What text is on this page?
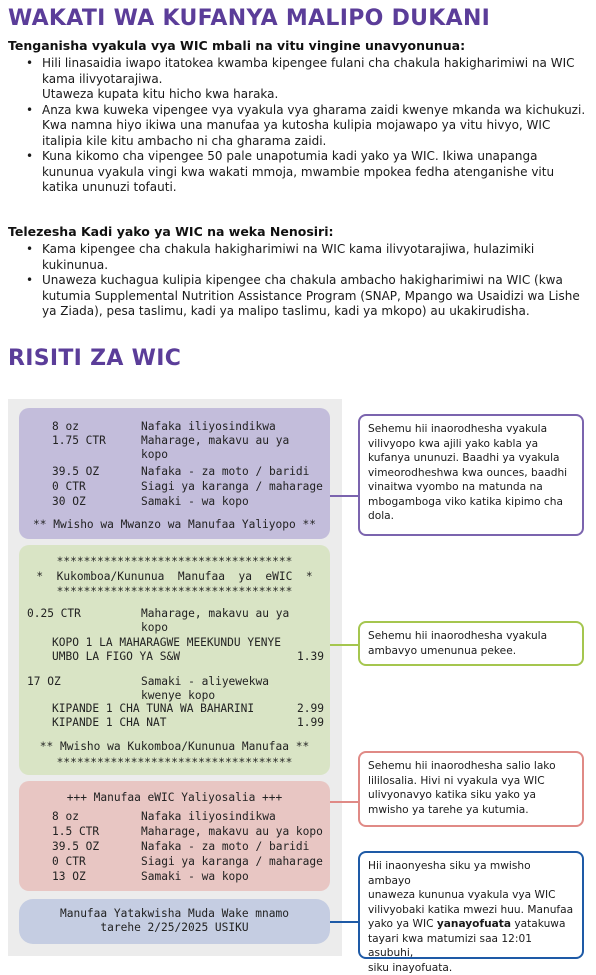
WAKATI WA KUFANYA MALIPO DUKANI
Tenganisha vyakula vya WIC mbali na vitu vingine unavyonunua:
• Hili linasaidia iwapo itatokea kwamba kipengee fulani cha chakula hakigharimiwi na WIC
kama ilivyotarajiwa.
Utaweza kupata kitu hicho kwa haraka.
• Anza kwa kuweka vipengee vya vyakula vya gharama zaidi kwenye mkanda wa kichukuzi.
Kwa namna hiyo ikiwa una manufaa ya kutosha kulipia mojawapo ya vitu hivyo, WIC
italipia kile kitu ambacho ni cha gharama zaidi.
• Kuna kikomo cha vipengee 50 pale unapotumia kadi yako ya WIC. Ikiwa unapanga
kununua vyakula vingi kwa wakati mmoja, mwambie mpokea fedha atenganishe vitu
katika ununuzi tofauti.
Telezesha Kadi yako ya WIC na weka Nenosiri:
• Kama kipengee cha chakula hakigharimiwi na WIC kama ilivyotarajiwa, hulazimiki
kukinunua.
• Unaweza kuchagua kulipia kipengee cha chakula ambacho hakigharimiwi na WIC (kwa
kutumia Supplemental Nutrition Assistance Program (SNAP, Mpango wa Usaidizi wa Lishe
ya Ziada), pesa taslimu, kadi ya malipo taslimu, kadi ya mkopo) au ukakirudisha.
RISITI ZA WIC
8 oz	Nafaka iliyosindikwa
1.75 CTR	Maharage, makavu au ya
kopo
39.5 OZ	Nafaka - za moto / baridi
0 CTR	Siagi ya karanga / maharage
30 OZ	Samaki - wa kopo
** Mwisho wa Mwanzo wa Manufaa Yaliyopo **
***********************************
*  Kukomboa/Kununua  Manufaa  ya  eWIC  *
***********************************
0.25 CTR	Maharage, makavu au ya
kopo
KOPO 1 LA MAHARAGWE MEEKUNDU YENYE
UMBO LA FIGO YA S&W	1.39
17 OZ	Samaki - aliyewekwa
kwenye kopo
KIPANDE 1 CHA TUNA WA BAHARINI	2.99
KIPANDE 1 CHA NAT	1.99
** Mwisho wa Kukomboa/Kununua Manufaa **
***********************************
+++ Manufaa eWIC Yaliyosalia +++
8 oz	Nafaka iliyosindikwa
1.5 CTR	Maharage, makavu au ya kopo
39.5 OZ	Nafaka - za moto / baridi
0 CTR	Siagi ya karanga / maharage
13 OZ	Samaki - wa kopo
Manufaa Yatakwisha Muda Wake mnamo
tarehe 2/25/2025 USIKU
Sehemu hii inaorodhesha vyakula
vilivyopo kwa ajili yako kabla ya
kufanya ununuzi. Baadhi ya vyakula
vimeorodheshwa kwa ounces, baadhi
vinaitwa vyombo na matunda na
mbogamboga viko katika kipimo cha
dola.
Sehemu hii inaorodhesha vyakula
ambavyo umenunua pekee.
Sehemu hii inaorodhesha salio lako
lililosalia. Hivi ni vyakula vya WIC
ulivyonavyo katika siku yako ya
mwisho ya tarehe ya kutumia.
Hii inaonyesha siku ya mwisho ambayo
unaweza kununua vyakula vya WIC
vilivyobaki katika mwezi huu. Manufaa
yako ya WIC yanayofuata yatakuwa
tayari kwa matumizi saa 12:01 asubuhi,
siku inayofuata.
